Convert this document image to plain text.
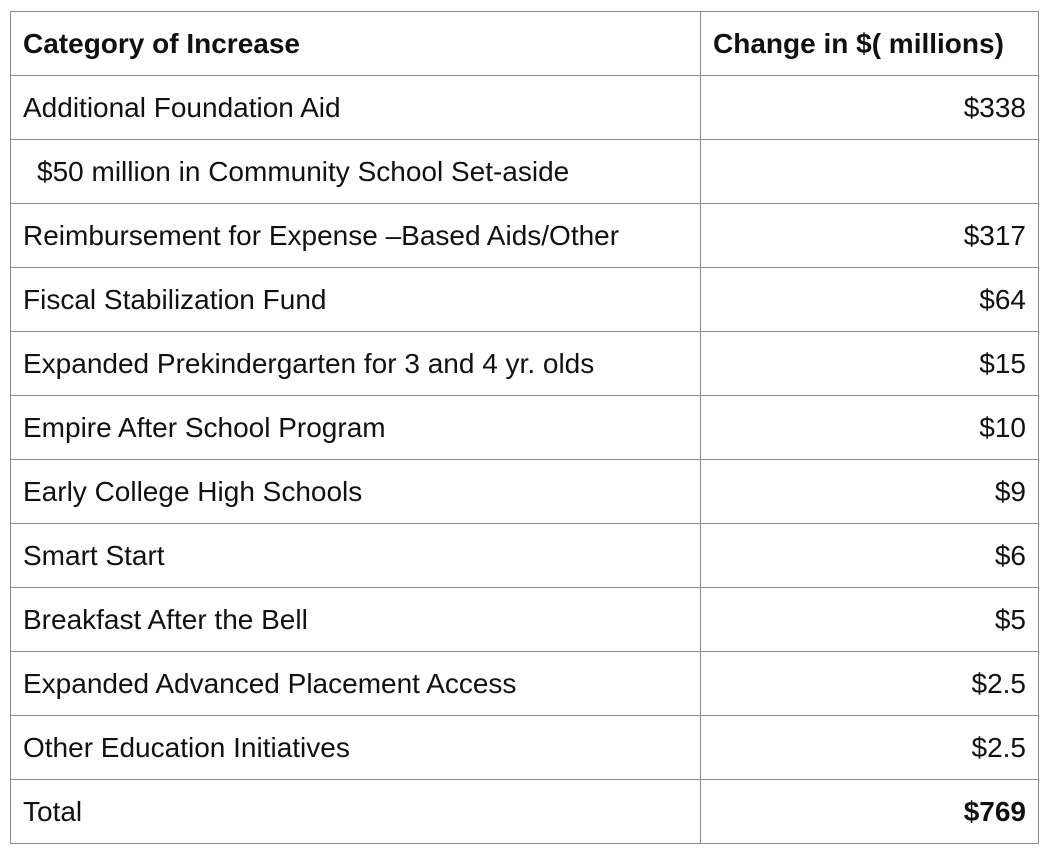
Category of Increase	Change in $( millions)
Additional Foundation Aid	$338
$50 million in Community School Set-aside	
Reimbursement for Expense –Based Aids/Other	$317
Fiscal Stabilization Fund	$64
Expanded Prekindergarten for 3 and 4 yr. olds	$15
Empire After School Program	$10
Early College High Schools	$9
Smart Start	$6
Breakfast After the Bell	$5
Expanded Advanced Placement Access	$2.5
Other Education Initiatives	$2.5
Total	$769
